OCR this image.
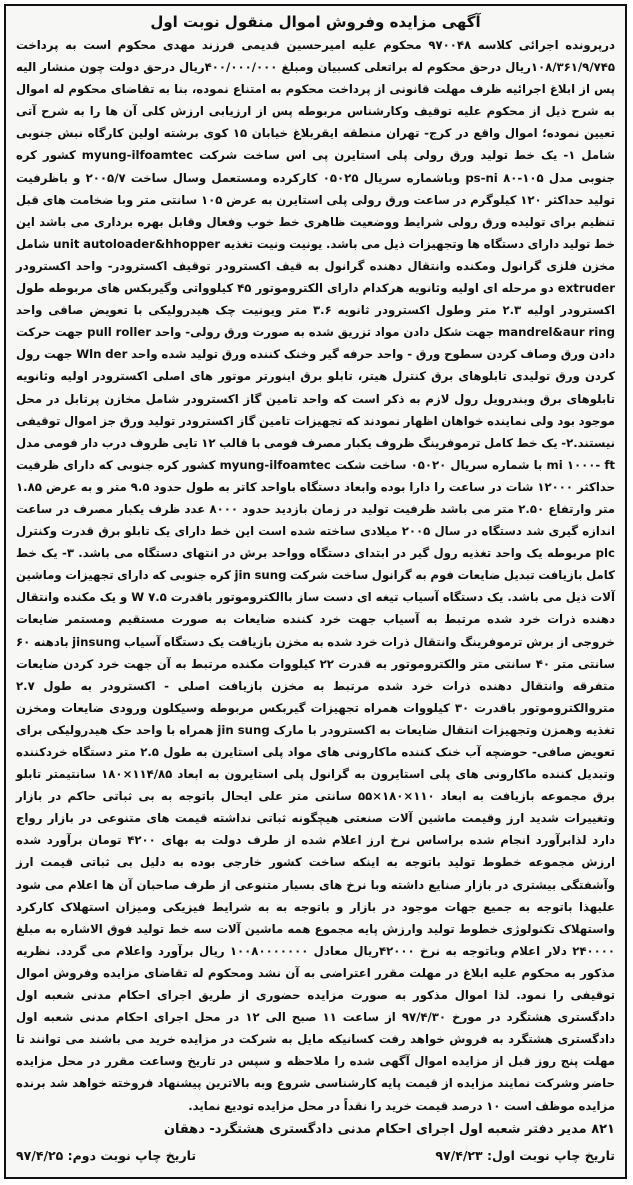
آگهی مزایده وفروش اموال منقول نوبت اول

درپرونده اجرائی کلاسه ۹۷۰۰۴۸ محکوم علیه امیرحسین قدیمی فرزند مهدی محکوم است به پرداخت ۱۰۸/۳۶۱/۹/۷۴۵ریال درحق محکوم له براتعلی کسبیان ومبلغ ۴۰۰/۰۰۰/۰۰۰ریال درحق دولت چون منشار الیه پس از ابلاغ اجرائیه ظرف مهلت قانونی از پرداخت محکوم به امتناع نموده، بنا به تقاضای محکوم له اموال به شرح ذیل از محکوم علیه توقیف وکارشناس مربوطه پس از ارزیابی ارزش کلی آن ها را به شرح آتی تعیین نموده؛ اموال واقع در کرج- تهران منطقه ایقربلاغ خیابان ۱۵ کوی برشته اولین کارگاه نبش جنوبی شامل ۱- یک خط تولید ورق رولی پلی استایرن پی اس ساخت شرکت myung-ilfoamtec کشور کره جنوبی مدل ps-ni ۸۰-۱۰۵ وباشماره سریال ۰۵۰۲۵ کارکرده ومستعمل وسال ساخت ۲۰۰۵/۷ و باظرفیت تولید حداکثر ۱۲۰ کیلوگرم در ساعت ورق رولی پلی استایرن به عرض ۱۰۵ سانتی متر وبا ضخامت های قبل تنظیم برای تولیده ورق رولی شرایط ووضعیت ظاهری خط خوب وفعال وقابل بهره برداری می باشد این خط تولید دارای دستگاه ها وتجهیزات ذیل می باشد. یونیت ونیت تغذیه unit autoloader&hhopper شامل مخزن فلزی گرانول ومکنده وانتقال دهنده گرانول به قیف اکسترودر توقیف اکسترودر- واحد اکسترودر extruder دو مرحله ای اولیه وثانویه هرکدام دارای الکتروموتور ۴۵ کیلوواتی وگیربکس های مربوطه طول اکسترودر اولیه ۲.۳ متر وطول اکسترودر ثانویه ۳.۶ متر ویونیت چک هیدرولیکی با تعویض صافی واحد mandrel&aur ring جهت شکل دادن مواد تزریق شده به صورت ورق رولی- واحد pull roller جهت حرکت دادن ورق وصاف کردن سطوح ورق - واحد حرفه گیر وخنک کننده ورق تولید شده واحد Wln der جهت رول کردن ورق تولیدی تابلوهای برق کنترل هیتر، تابلو برق اینورتر موتور های اصلی اکسترودر اولیه وثانویه تابلوهای برق وبندرویل رول لازم به ذکر است که واحد تامین گاز اکسترودر شامل مخازن پرتابل در محل موجود بود ولی نماینده خواهان اظهار نمودند که تجهیزات تامین گاز اکسترودر تولید ورق جز اموال توقیفی نیستند.۲- یک خط کامل ترموفرینگ ظروف یکبار مصرف فومی با قالب ۱۲ تایی ظروف درب دار فومی مدل mi ۱۰۰۰- ft با شماره سریال ۰۵۰۲۰ ساخت شکت myung-ilfoamtec کشور کره جنوبی که دارای ظرفیت حداکثر ۱۲۰۰۰ شات در ساعت را دارا بوده وابعاد دستگاه باواحد کاتر به طول حدود ۹.۵ متر و به عرض ۱.۸۵ متر وارتفاع ۲.۵۰ متر می باشد ظرفیت تولید در زمان بازدید حدود ۸۰۰۰ عدد ظرف یکبار مصرف در ساعت اندازه گیری شد دستگاه در سال ۲۰۰۵ میلادی ساخته شده است این خط دارای یک تابلو برق قدرت وکنترل plc مربوطه یک واحد تغذیه رول گیر در ابتدای دستگاه وواحد برش در انتهای دستگاه می باشد. ۳- یک خط کامل بازیافت تبدیل ضایعات فوم به گرانول ساخت شرکت jin sung کره جنوبی که دارای تجهیزات وماشین آلات ذیل می باشد. یک دستگاه آسیاب تیغه ای دست ساز باالکتروموتور باقدرت ۷.۵ W و یک مکنده وانتقال دهنده ذرات خرد شده مرتبط به آسیاب جهت خرد کننده ضایعات به صورت مستقیم ومستمر ضایعات خروجی از برش ترموفرینگ وانتقال ذرات خرد شده به مخزن بازیافت یک دستگاه آسیاب jinsung بادهنه ۶۰ سانتی متر ۴۰ سانتی متر والکتروموتور به قدرت ۲۲ کیلووات مکنده مرتبط به آن جهت خرد کردن ضایعات متفرقه وانتقال دهنده ذرات خرد شده مرتبط به مخزن بازیافت اصلی - اکسترودر به طول ۲.۷ متروالکتروموتور باقدرت ۳۰ کیلووات همراه تجهیزات گیربکس مربوطه وسیکلون ورودی ضایعات ومخزن تغذیه وهمزن وتجهیزات انتقال ضایعات به اکسترودر با مارک jin sung همراه با واحد حک هیدرولیکی برای تعویض صافی- حوضچه آب خنک کننده ماکارونی های مواد پلی استایرن به طول ۲.۵ متر دستگاه خردکننده وتبدیل کننده ماکارونی های پلی استایرون به گرانول پلی استایرون به ابعاد ۱۱۴/۸۵×۱۸۰ سانتیمتر تابلو برق مجموعه بازیافت به ابعاد ۱۱۰×۱۸۰×۵۵ سانتی متر علی ایحال باتوجه به بی ثباتی حاکم در بازار وتغییرات شدید ارز وقیمت ماشین آلات صنعتی هیچگونه ثباتی نداشته قیمت های متنوعی در بازار رواج دارد لذابرآورد انجام شده براساس نرخ ارز اعلام شده از طرف دولت به بهای ۴۲۰۰ تومان برآورد شده ارزش مجموعه خطوط تولید باتوجه به اینکه ساخت کشور خارجی بوده به دلیل بی ثباتی قیمت ارز وآشفتگی بیشتری در بازار صنایع داشته وبا نرخ های بسیار متنوعی از طرف صاحبان آن ها اعلام می شود علیهذا باتوجه به جمیع جهات موجود در بازار و باتوجه به به شرایط فیزیکی ومیزان استهلاک کارکرد واستهلاک تکنولوژی خطوط تولید وارزش پایه مجموع همه ماشین آلات سه خط تولید فوق الاشاره به مبلغ ۲۴۰۰۰۰ دلار اعلام وباتوجه به نرخ ۴۲۰۰۰ریال معادل ۱۰۰۸۰۰۰۰۰۰۰ ریال برآورد واعلام می گردد. نظریه مذکور به محکوم علیه ابلاغ در مهلت مقرر اعتراضی به آن نشد ومحکوم له تقاضای مزایده وفروش اموال توقیفی را نمود. لذا اموال مذکور به صورت مزایده حضوری از طریق اجرای احکام مدنی شعبه اول دادگستری هشتگرد در مورخ ۹۷/۴/۳۰ از ساعت ۱۱ صبح الی ۱۲ در محل اجرای احکام مدنی شعبه اول دادگستری هشتگرد به فروش خواهد رفت کسانیکه مایل به شرکت در مزایده خرید می باشند می توانند تا مهلت پنج روز قبل از مزایده اموال آگهی شده را ملاحظه و سپس در تاریخ وساعت مقرر در محل مزایده حاضر وشرکت نمایند مزایده از قیمت پایه کارشناسی شروع وبه بالاترین پیشنهاد فروخته خواهد شد برنده مزایده موظف است ۱۰ درصد قیمت خرید را نقداً در محل مزایده تودیع نماید.

۸۲۱ مدیر دفتر شعبه اول اجرای احکام مدنی دادگستری هشتگرد- دهقان
تاریخ چاپ نوبت اول: ۹۷/۴/۲۳
تاریخ چاپ نوبت دوم: ۹۷/۴/۲۵
